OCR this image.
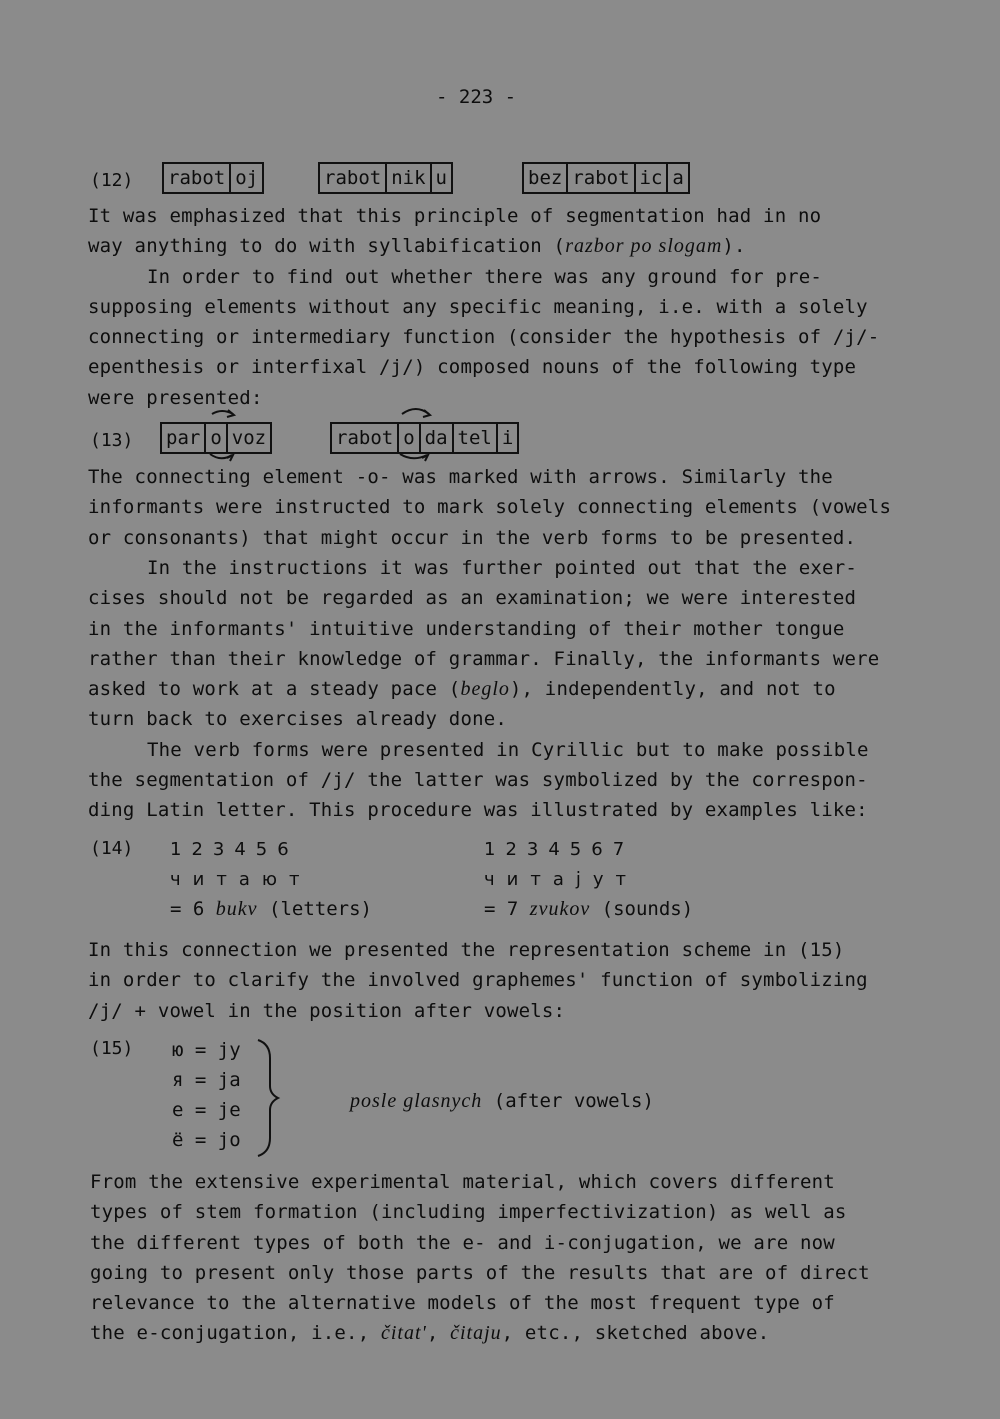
- 223 -
(12) rabot oj	rabot nik u	bez rabot ic a
It was emphasized that this principle of segmentation had in no
way anything to do with syllabification (razbor po slogam).
In order to find out whether there was any ground for pre-
supposing elements without any specific meaning, i.e. with a solely
connecting or intermediary function (consider the hypothesis of /j/-
epenthesis or interfixal /j/) composed nouns of the following type
were presented:
(13) par o voz	rabot o da tel i
The connecting element -o- was marked with arrows. Similarly the
informants were instructed to mark solely connecting elements (vowels
or consonants) that might occur in the verb forms to be presented.
In the instructions it was further pointed out that the exer-
cises should not be regarded as an examination; we were interested
in the informants' intuitive understanding of their mother tongue
rather than their knowledge of grammar. Finally, the informants were
asked to work at a steady pace (beglo), independently, and not to
turn back to exercises already done.
The verb forms were presented in Cyrillic but to make possible
the segmentation of /j/ the latter was symbolized by the correspon-
ding Latin letter. This procedure was illustrated by examples like:
(14) 123456
читают
= 6 bukv (letters)
1234567
читајут
= 7 zvukov (sounds)
In this connection we presented the representation scheme in (15)
in order to clarify the involved graphemes' function of symbolizing
/j/ + vowel in the position after vowels:
(15) ю = jy
я = ja
е = je
ё = jo
posle glasnych (after vowels)
From the extensive experimental material, which covers different
types of stem formation (including imperfectivization) as well as
the different types of both the e- and i-conjugation, we are now
going to present only those parts of the results that are of direct
relevance to the alternative models of the most frequent type of
the e-conjugation, i.e., čitat', čitaju, etc., sketched above.
